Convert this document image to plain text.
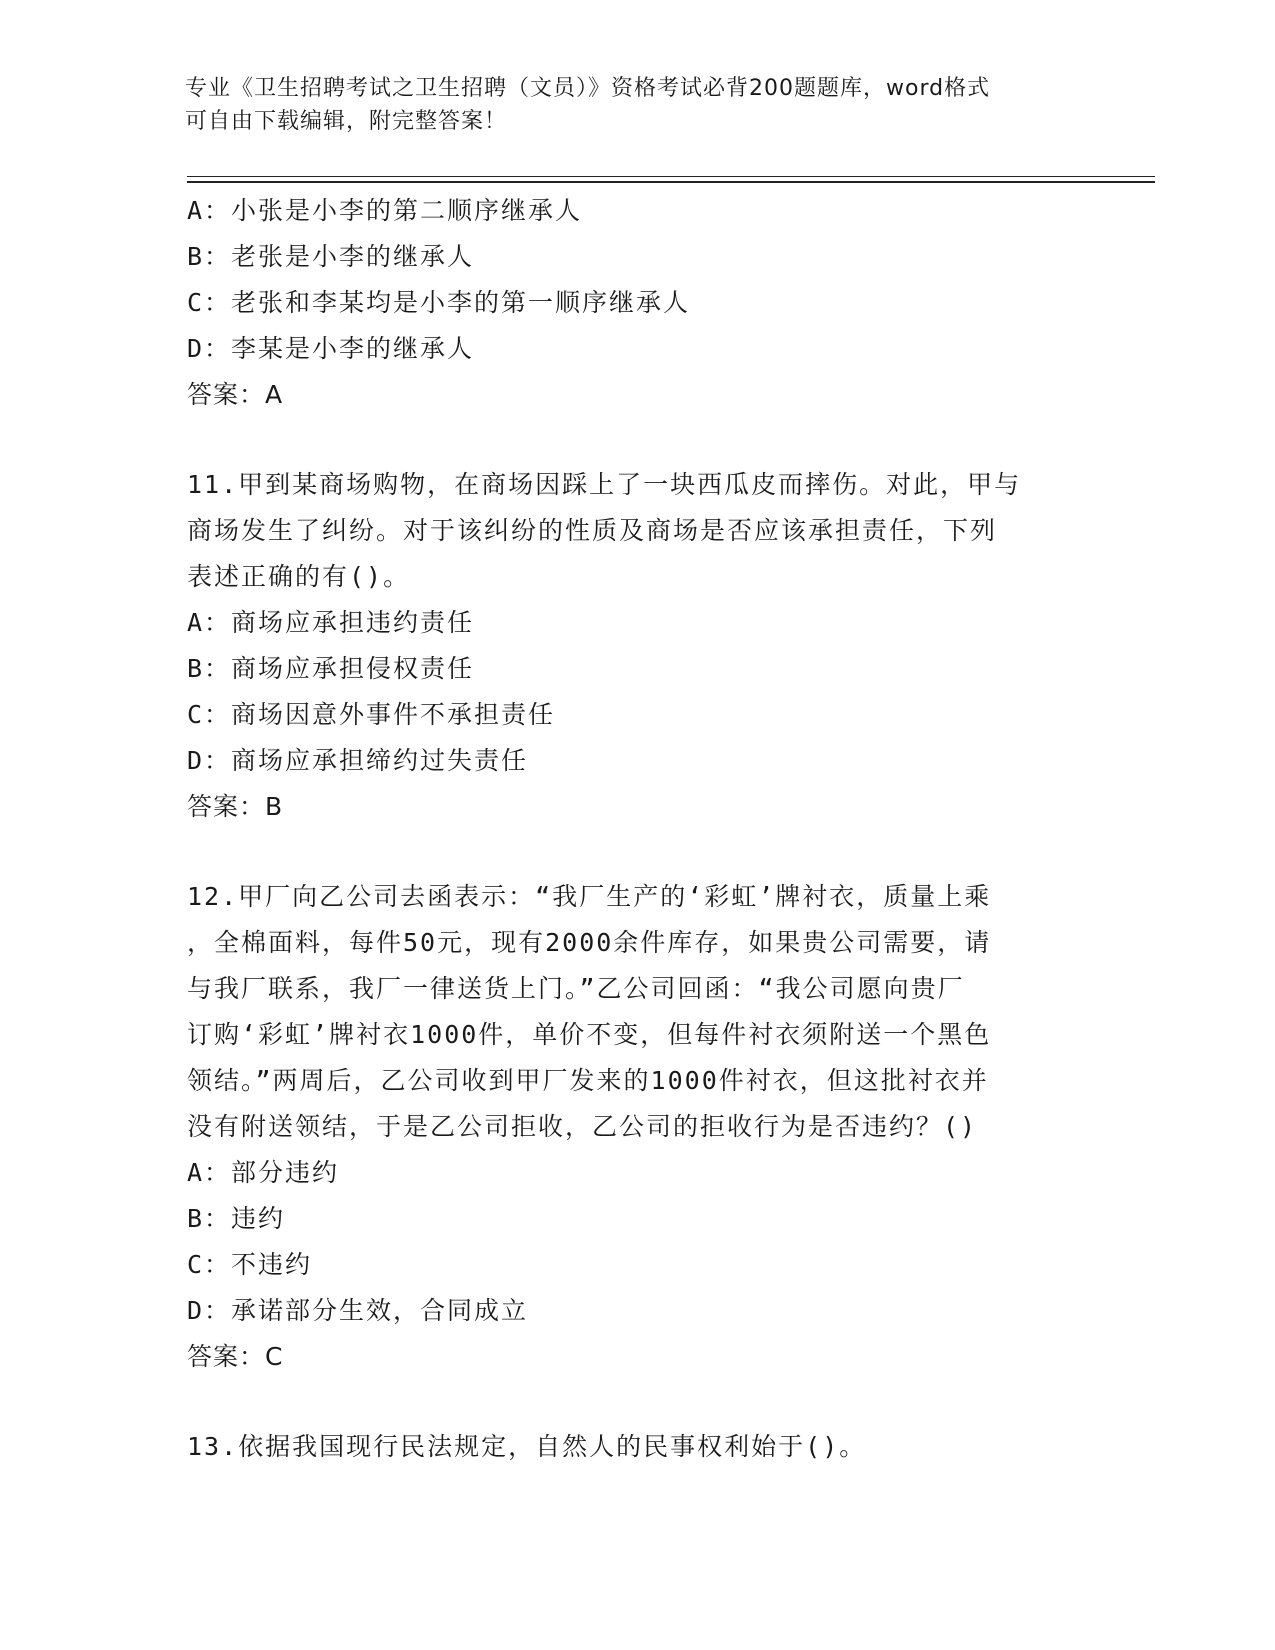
专业《卫生招聘考试之卫生招聘（文员）》资格考试必背200题题库，word格式
可自由下载编辑，附完整答案！
A：小张是小李的第二顺序继承人
B：老张是小李的继承人
C：老张和李某均是小李的第一顺序继承人
D：李某是小李的继承人
答案：A
11.甲到某商场购物，在商场因踩上了一块西瓜皮而摔伤。对此，甲与
商场发生了纠纷。对于该纠纷的性质及商场是否应该承担责任，下列
表述正确的有()。
A：商场应承担违约责任
B：商场应承担侵权责任
C：商场因意外事件不承担责任
D：商场应承担缔约过失责任
答案：B
12.甲厂向乙公司去函表示：“我厂生产的‘彩虹’牌衬衣，质量上乘
，全棉面料，每件50元，现有2000余件库存，如果贵公司需要，请
与我厂联系，我厂一律送货上门。”乙公司回函：“我公司愿向贵厂
订购‘彩虹’牌衬衣1000件，单价不变，但每件衬衣须附送一个黑色
领结。”两周后，乙公司收到甲厂发来的1000件衬衣，但这批衬衣并
没有附送领结，于是乙公司拒收，乙公司的拒收行为是否违约？()
A：部分违约
B：违约
C：不违约
D：承诺部分生效，合同成立
答案：C
13.依据我国现行民法规定，自然人的民事权利始于()。
